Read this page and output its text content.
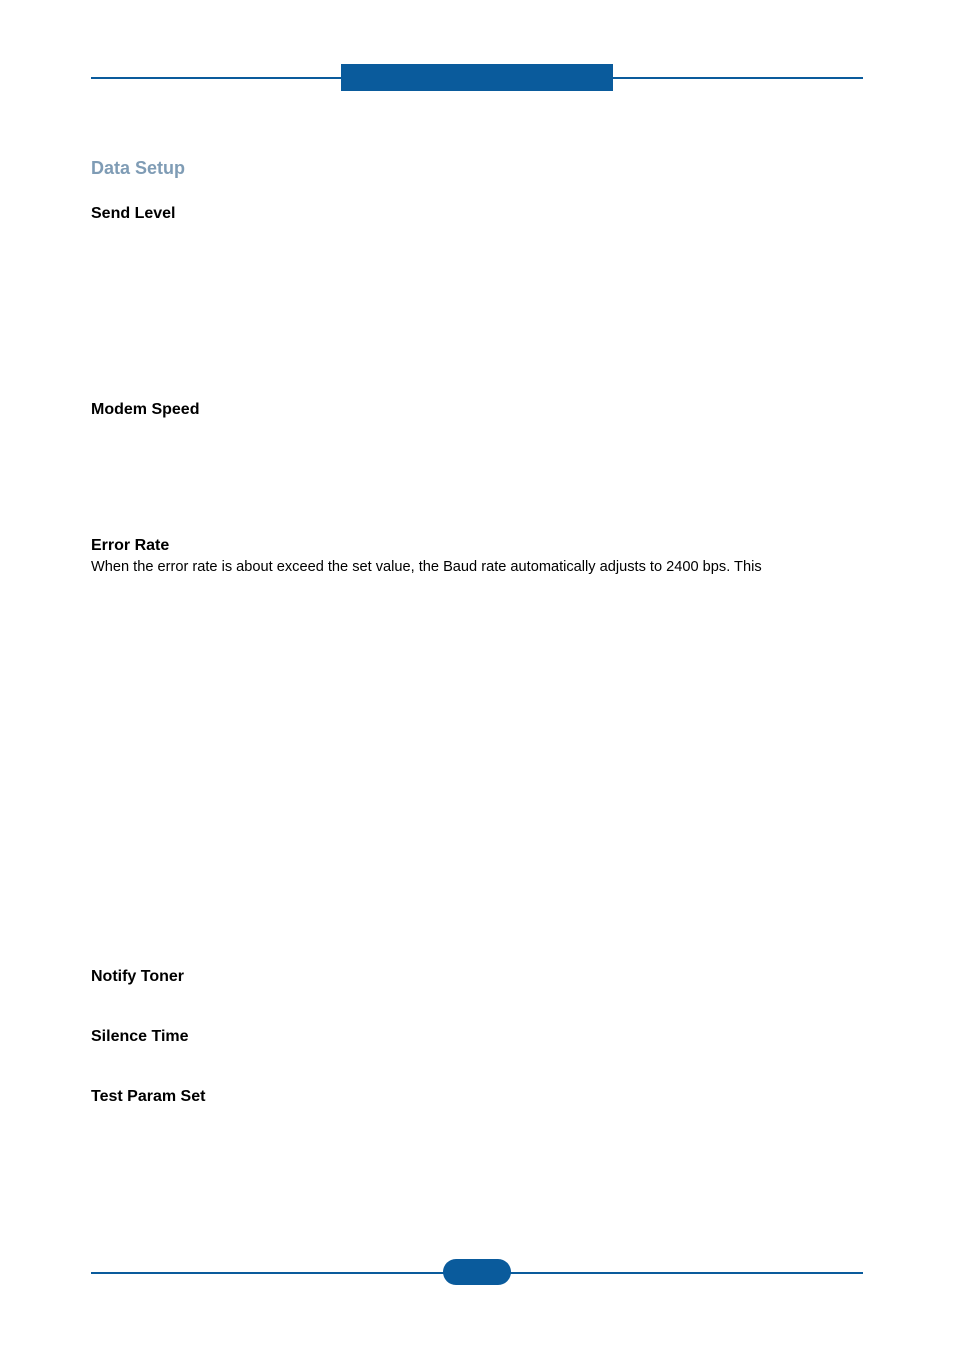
Data Setup
Send Level
Modem Speed
Error Rate

When the error rate is about exceed the set value, the Baud rate automatically adjusts to 2400 bps. This

Notify Toner
Silence Time
Test Param Set
